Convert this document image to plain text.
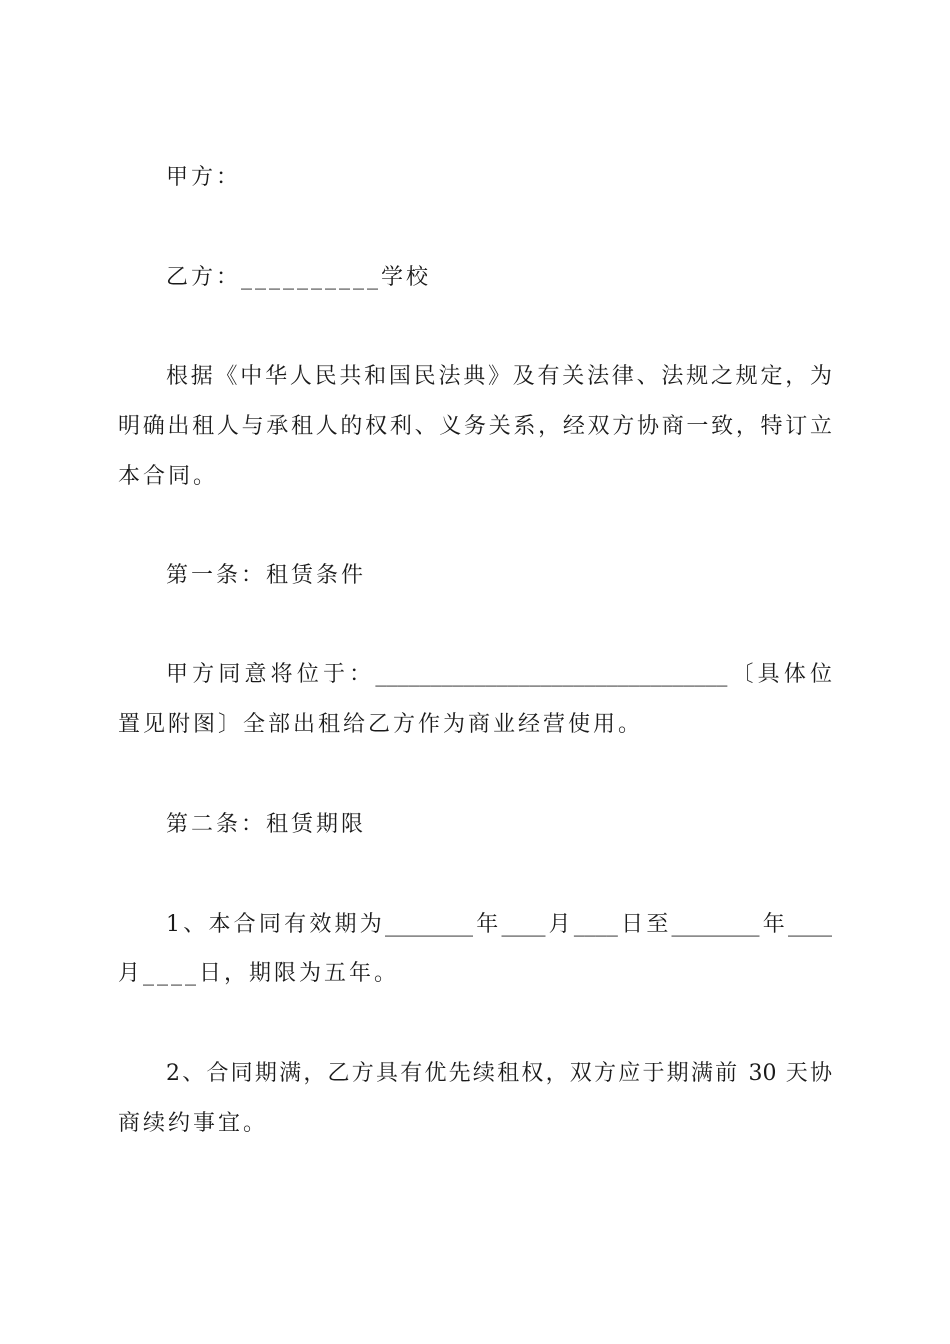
甲方：
乙方：__________学校
根据《中华人民共和国民法典》及有关法律、法规之规定，为
明确出租人与承租人的权利、义务关系，经双方协商一致，特订立
本合同。
第一条：租赁条件
甲方同意将位于：________________________________〔具体位
置见附图〕全部出租给乙方作为商业经营使用。
第二条：租赁期限
1、本合同有效期为________年____月____日至________年____
月____日，期限为五年。
2、合同期满，乙方具有优先续租权，双方应于期满前 30 天协
商续约事宜。
